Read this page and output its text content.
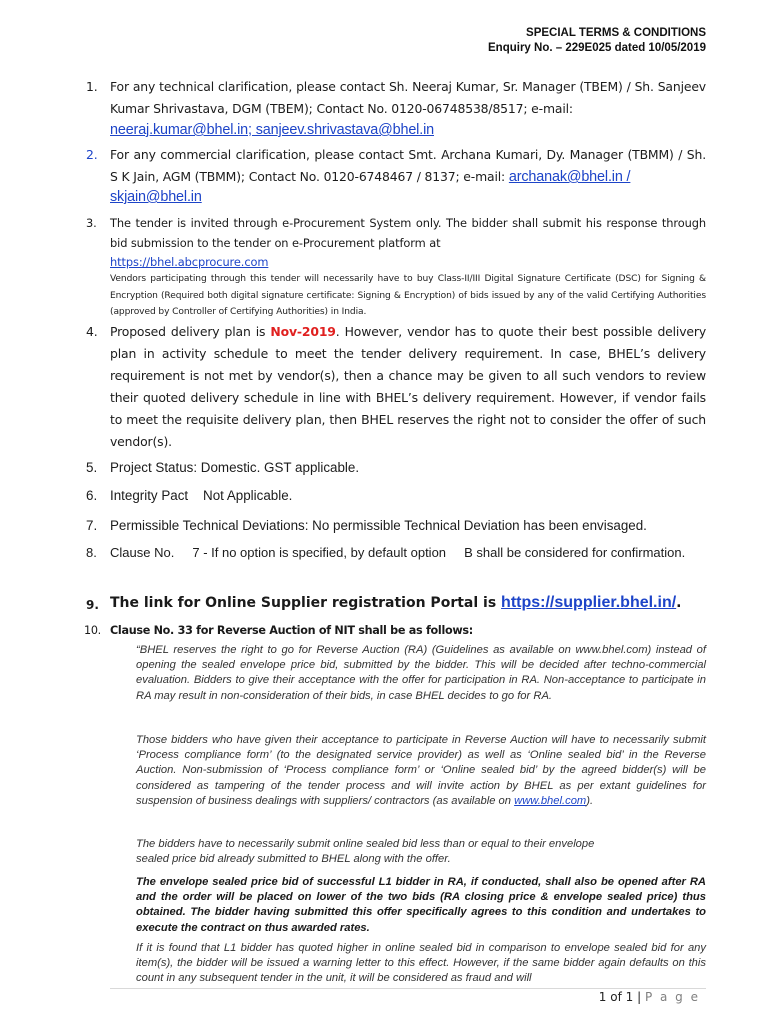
SPECIAL TERMS & CONDITIONS
Enquiry No. – 229E025 dated 10/05/2019
1. For any technical clarification, please contact Sh. Neeraj Kumar, Sr. Manager (TBEM) / Sh. Sanjeev Kumar Shrivastava, DGM (TBEM); Contact No. 0120-06748538/8517; e-mail:
neeraj.kumar@bhel.in; sanjeev.shrivastava@bhel.in
2. For any commercial clarification, please contact Smt. Archana Kumari, Dy. Manager (TBMM) / Sh. S K Jain, AGM (TBMM); Contact No. 0120-6748467 / 8137; e-mail: archanak@bhel.in /
skjain@bhel.in
3. The tender is invited through e-Procurement System only. The bidder shall submit his response through bid submission to the tender on e-Procurement platform at
https://bhel.abcprocure.com
Vendors participating through this tender will necessarily have to buy Class-II/III Digital Signature Certificate (DSC) for Signing & Encryption (Required both digital signature certificate: Signing & Encryption) of bids issued by any of the valid Certifying Authorities (approved by Controller of Certifying Authorities) in India.
4. Proposed delivery plan is Nov-2019. However, vendor has to quote their best possible delivery plan in activity schedule to meet the tender delivery requirement. In case, BHEL’s delivery requirement is not met by vendor(s), then a chance may be given to all such vendors to review their quoted delivery schedule in line with BHEL’s delivery requirement. However, if vendor fails to meet the requisite delivery plan, then BHEL reserves the right not to consider the offer of such vendor(s).
5. Project Status: Domestic. GST applicable.
6. Integrity Pact    Not Applicable.
7. Permissible Technical Deviations: No permissible Technical Deviation has been envisaged.
8. Clause No.     7 - If no option is specified, by default option     B shall be considered for confirmation.
9. The link for Online Supplier registration Portal is https://supplier.bhel.in/.
10. Clause No. 33 for Reverse Auction of NIT shall be as follows:
“BHEL reserves the right to go for Reverse Auction (RA) (Guidelines as available on www.bhel.com) instead of opening the sealed envelope price bid, submitted by the bidder. This will be decided after techno-commercial evaluation. Bidders to give their acceptance with the offer for participation in RA. Non-acceptance to participate in RA may result in non-consideration of their bids, in case BHEL decides to go for RA.
Those bidders who have given their acceptance to participate in Reverse Auction will have to necessarily submit ‘Process compliance form’ (to the designated service provider) as well as ‘Online sealed bid’ in the Reverse Auction. Non-submission of ‘Process compliance form’ or ‘Online sealed bid’ by the agreed bidder(s) will be considered as tampering of the tender process and will invite action by BHEL as per extant guidelines for suspension of business dealings with suppliers/ contractors (as available on www.bhel.com).
The bidders have to necessarily submit online sealed bid less than or equal to their envelope sealed price bid already submitted to BHEL along with the offer.
The envelope sealed price bid of successful L1 bidder in RA, if conducted, shall also be opened after RA and the order will be placed on lower of the two bids (RA closing price & envelope sealed price) thus obtained. The bidder having submitted this offer specifically agrees to this condition and undertakes to execute the contract on thus awarded rates.
If it is found that L1 bidder has quoted higher in online sealed bid in comparison to envelope sealed bid for any item(s), the bidder will be issued a warning letter to this effect. However, if the same bidder again defaults on this count in any subsequent tender in the unit, it will be considered as fraud and will
1 of 1 | P a g e
